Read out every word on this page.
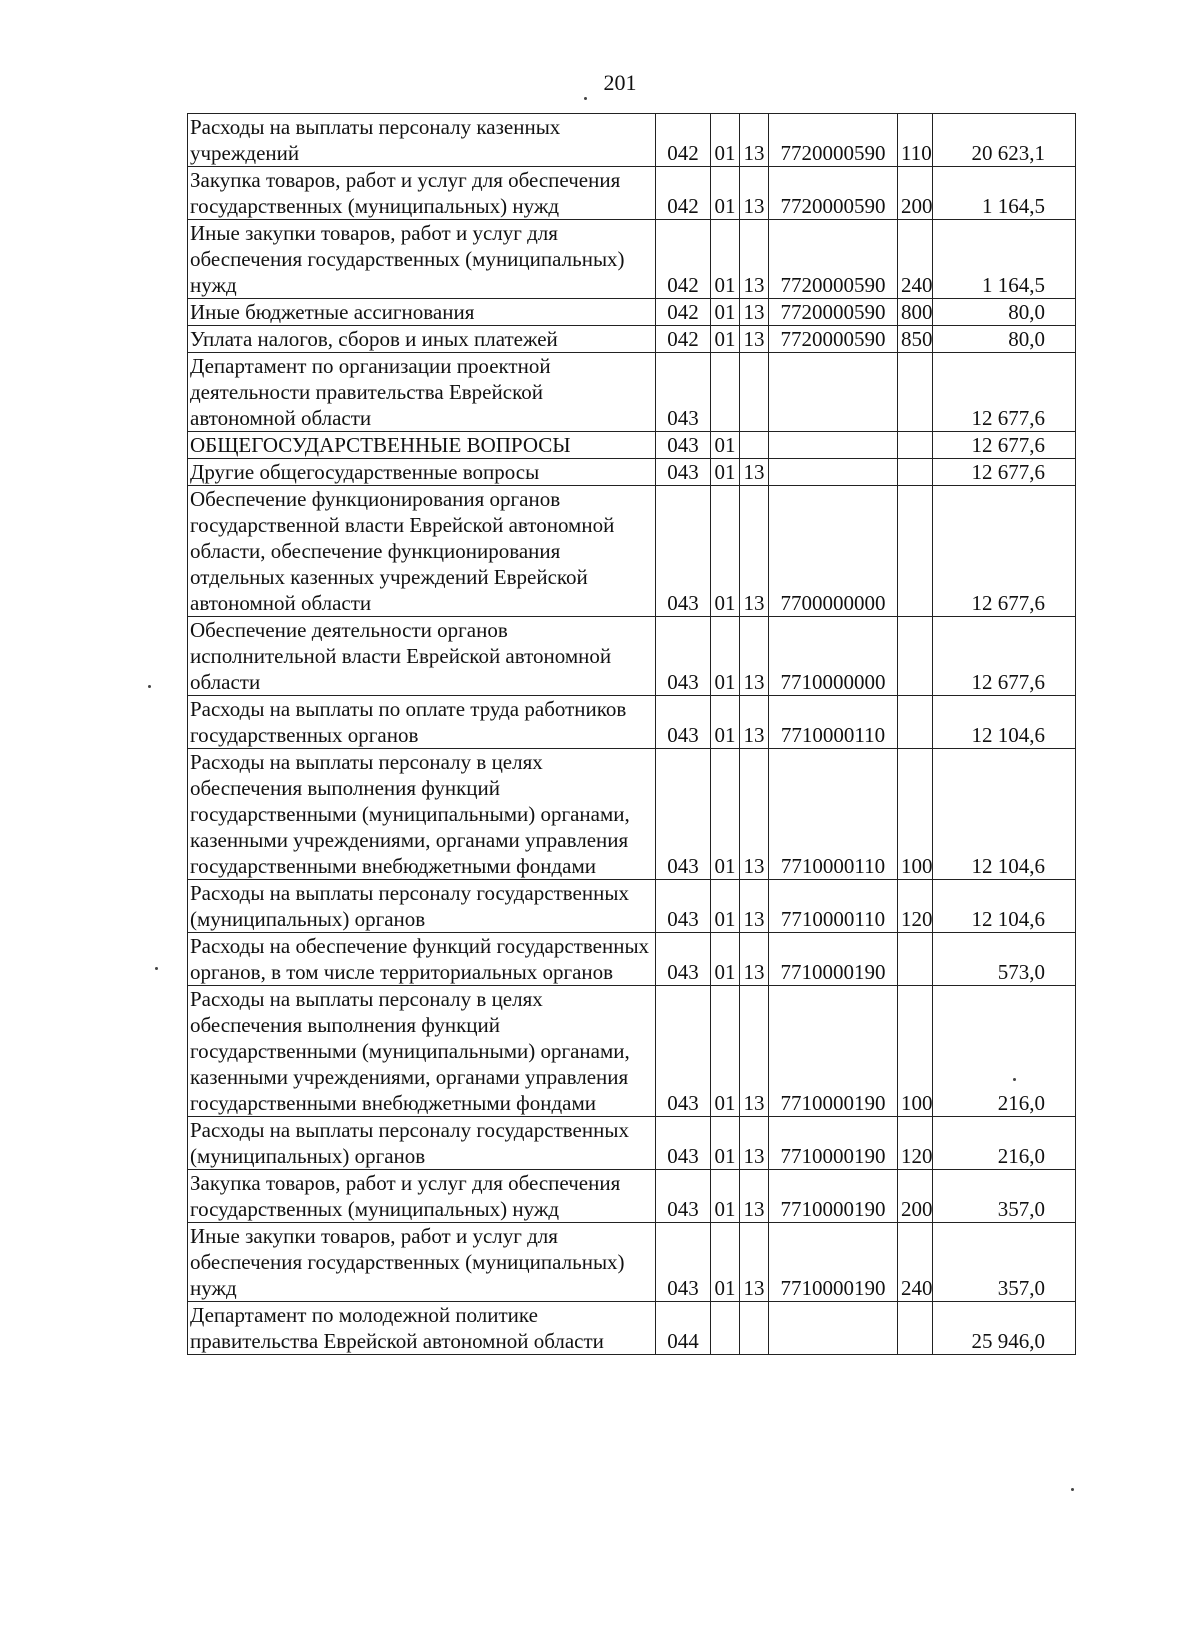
201
Расходы на выплаты персоналу казенных учреждений	042	01	13	7720000590	110	20 623,1
Закупка товаров, работ и услуг для обеспечения государственных (муниципальных) нужд	042	01	13	7720000590	200	1 164,5
Иные закупки товаров, работ и услуг для обеспечения государственных (муниципальных) нужд	042	01	13	7720000590	240	1 164,5
Иные бюджетные ассигнования	042	01	13	7720000590	800	80,0
Уплата налогов, сборов и иных платежей	042	01	13	7720000590	850	80,0
Департамент по организации проектной деятельности правительства Еврейской автономной области	043					12 677,6
ОБЩЕГОСУДАРСТВЕННЫЕ ВОПРОСЫ	043	01				12 677,6
Другие общегосударственные вопросы	043	01	13			12 677,6
Обеспечение функционирования органов государственной власти Еврейской автономной области, обеспечение функционирования отдельных казенных учреждений Еврейской автономной области	043	01	13	7700000000		12 677,6
Обеспечение деятельности органов исполнительной власти Еврейской автономной области	043	01	13	7710000000		12 677,6
Расходы на выплаты по оплате труда работников государственных органов	043	01	13	7710000110		12 104,6
Расходы на выплаты персоналу в целях обеспечения выполнения функций государственными (муниципальными) органами, казенными учреждениями, органами управления государственными внебюджетными фондами	043	01	13	7710000110	100	12 104,6
Расходы на выплаты персоналу государственных (муниципальных) органов	043	01	13	7710000110	120	12 104,6
Расходы на обеспечение функций государственных органов, в том числе территориальных органов	043	01	13	7710000190		573,0
Расходы на выплаты персоналу в целях обеспечения выполнения функций государственными (муниципальными) органами, казенными учреждениями, органами управления государственными внебюджетными фондами	043	01	13	7710000190	100	216,0
Расходы на выплаты персоналу государственных (муниципальных) органов	043	01	13	7710000190	120	216,0
Закупка товаров, работ и услуг для обеспечения государственных (муниципальных) нужд	043	01	13	7710000190	200	357,0
Иные закупки товаров, работ и услуг для обеспечения государственных (муниципальных) нужд	043	01	13	7710000190	240	357,0
Департамент по молодежной политике правительства Еврейской автономной области	044					25 946,0
